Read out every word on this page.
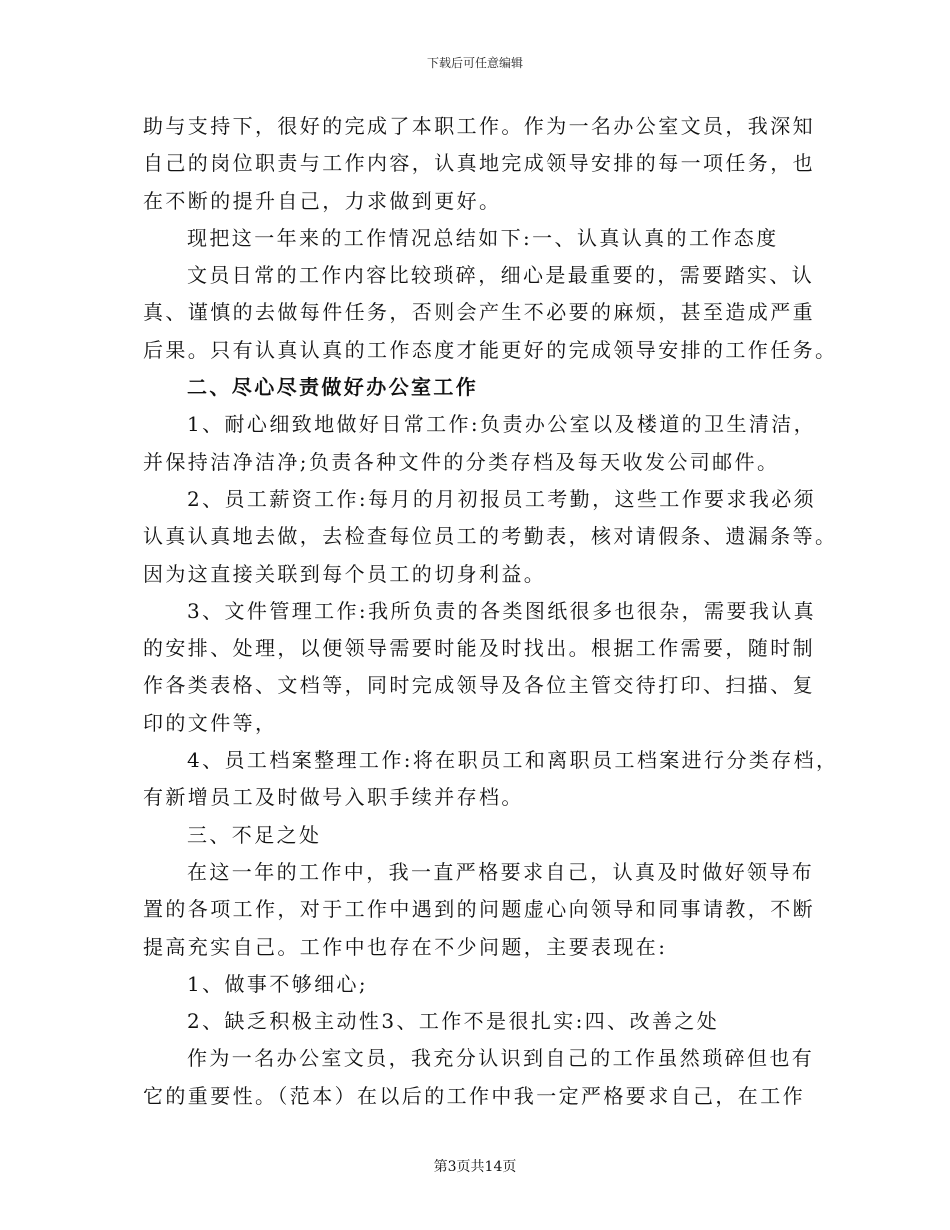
下载后可任意编辑
助与支持下，很好的完成了本职工作。作为一名办公室文员，我深知
自己的岗位职责与工作内容，认真地完成领导安排的每一项任务，也
在不断的提升自己，力求做到更好。
现把这一年来的工作情况总结如下:一、认真认真的工作态度
文员日常的工作内容比较琐碎，细心是最重要的，需要踏实、认
真、谨慎的去做每件任务，否则会产生不必要的麻烦，甚至造成严重
后果。只有认真认真的工作态度才能更好的完成领导安排的工作任务。
二、尽心尽责做好办公室工作
1、耐心细致地做好日常工作:负责办公室以及楼道的卫生清洁，
并保持洁净洁净;负责各种文件的分类存档及每天收发公司邮件。
2、员工薪资工作:每月的月初报员工考勤，这些工作要求我必须
认真认真地去做，去检查每位员工的考勤表，核对请假条、遗漏条等。
因为这直接关联到每个员工的切身利益。
3、文件管理工作:我所负责的各类图纸很多也很杂，需要我认真
的安排、处理，以便领导需要时能及时找出。根据工作需要，随时制
作各类表格、文档等，同时完成领导及各位主管交待打印、扫描、复
印的文件等，
4、员工档案整理工作:将在职员工和离职员工档案进行分类存档，
有新增员工及时做号入职手续并存档。
三、不足之处
在这一年的工作中，我一直严格要求自己，认真及时做好领导布
置的各项工作，对于工作中遇到的问题虚心向领导和同事请教，不断
提高充实自己。工作中也存在不少问题，主要表现在:
1、做事不够细心;
2、缺乏积极主动性3、工作不是很扎实:四、改善之处
作为一名办公室文员，我充分认识到自己的工作虽然琐碎但也有
它的重要性。（范本）在以后的工作中我一定严格要求自己，在工作
第3页共14页
